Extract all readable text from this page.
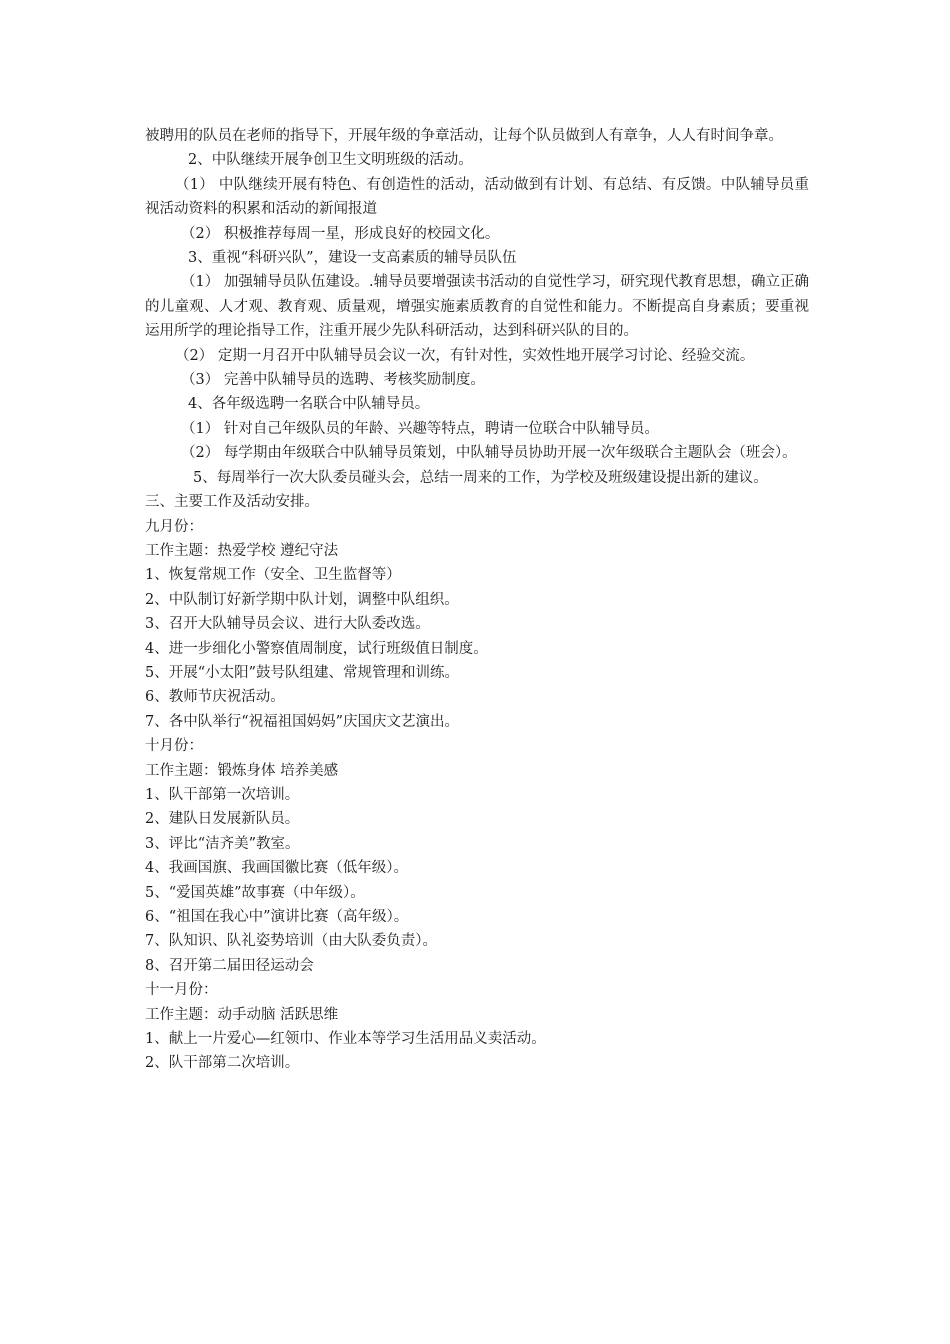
被聘用的队员在老师的指导下，开展年级的争章活动，让每个队员做到人有章争，人人有时间争章。

2、中队继续开展争创卫生文明班级的活动。

（1） 中队继续开展有特色、有创造性的活动，活动做到有计划、有总结、有反馈。中队辅导员重视活动资料的积累和活动的新闻报道

（2） 积极推荐每周一星，形成良好的校园文化。

3、重视“科研兴队”，建设一支高素质的辅导员队伍

（1） 加强辅导员队伍建设。.辅导员要增强读书活动的自觉性学习，研究现代教育思想，确立正确的儿童观、人才观、教育观、质量观，增强实施素质教育的自觉性和能力。不断提高自身素质；要重视运用所学的理论指导工作，注重开展少先队科研活动，达到科研兴队的目的。

（2） 定期一月召开中队辅导员会议一次，有针对性，实效性地开展学习讨论、经验交流。

（3） 完善中队辅导员的选聘、考核奖励制度。

4、各年级选聘一名联合中队辅导员。

（1） 针对自己年级队员的年龄、兴趣等特点，聘请一位联合中队辅导员。

（2） 每学期由年级联合中队辅导员策划，中队辅导员协助开展一次年级联合主题队会（班会）。

5、每周举行一次大队委员碰头会，总结一周来的工作，为学校及班级建设提出新的建议。

三、主要工作及活动安排。

九月份：

工作主题：热爱学校 遵纪守法

1、恢复常规工作（安全、卫生监督等）

2、中队制订好新学期中队计划，调整中队组织。

3、召开大队辅导员会议、进行大队委改选。

4、进一步细化小警察值周制度，试行班级值日制度。

5、开展“小太阳”鼓号队组建、常规管理和训练。

6、教师节庆祝活动。

7、各中队举行“祝福祖国妈妈”庆国庆文艺演出。

十月份：

工作主题：锻炼身体 培养美感

1、队干部第一次培训。

2、建队日发展新队员。

3、评比“洁齐美”教室。

4、我画国旗、我画国徽比赛（低年级）。

5、“爱国英雄”故事赛（中年级）。

6、“祖国在我心中”演讲比赛（高年级）。

7、队知识、队礼姿势培训（由大队委负责）。

8、召开第二届田径运动会

十一月份：

工作主题：动手动脑 活跃思维

1、献上一片爱心—红领巾、作业本等学习生活用品义卖活动。

2、队干部第二次培训。
